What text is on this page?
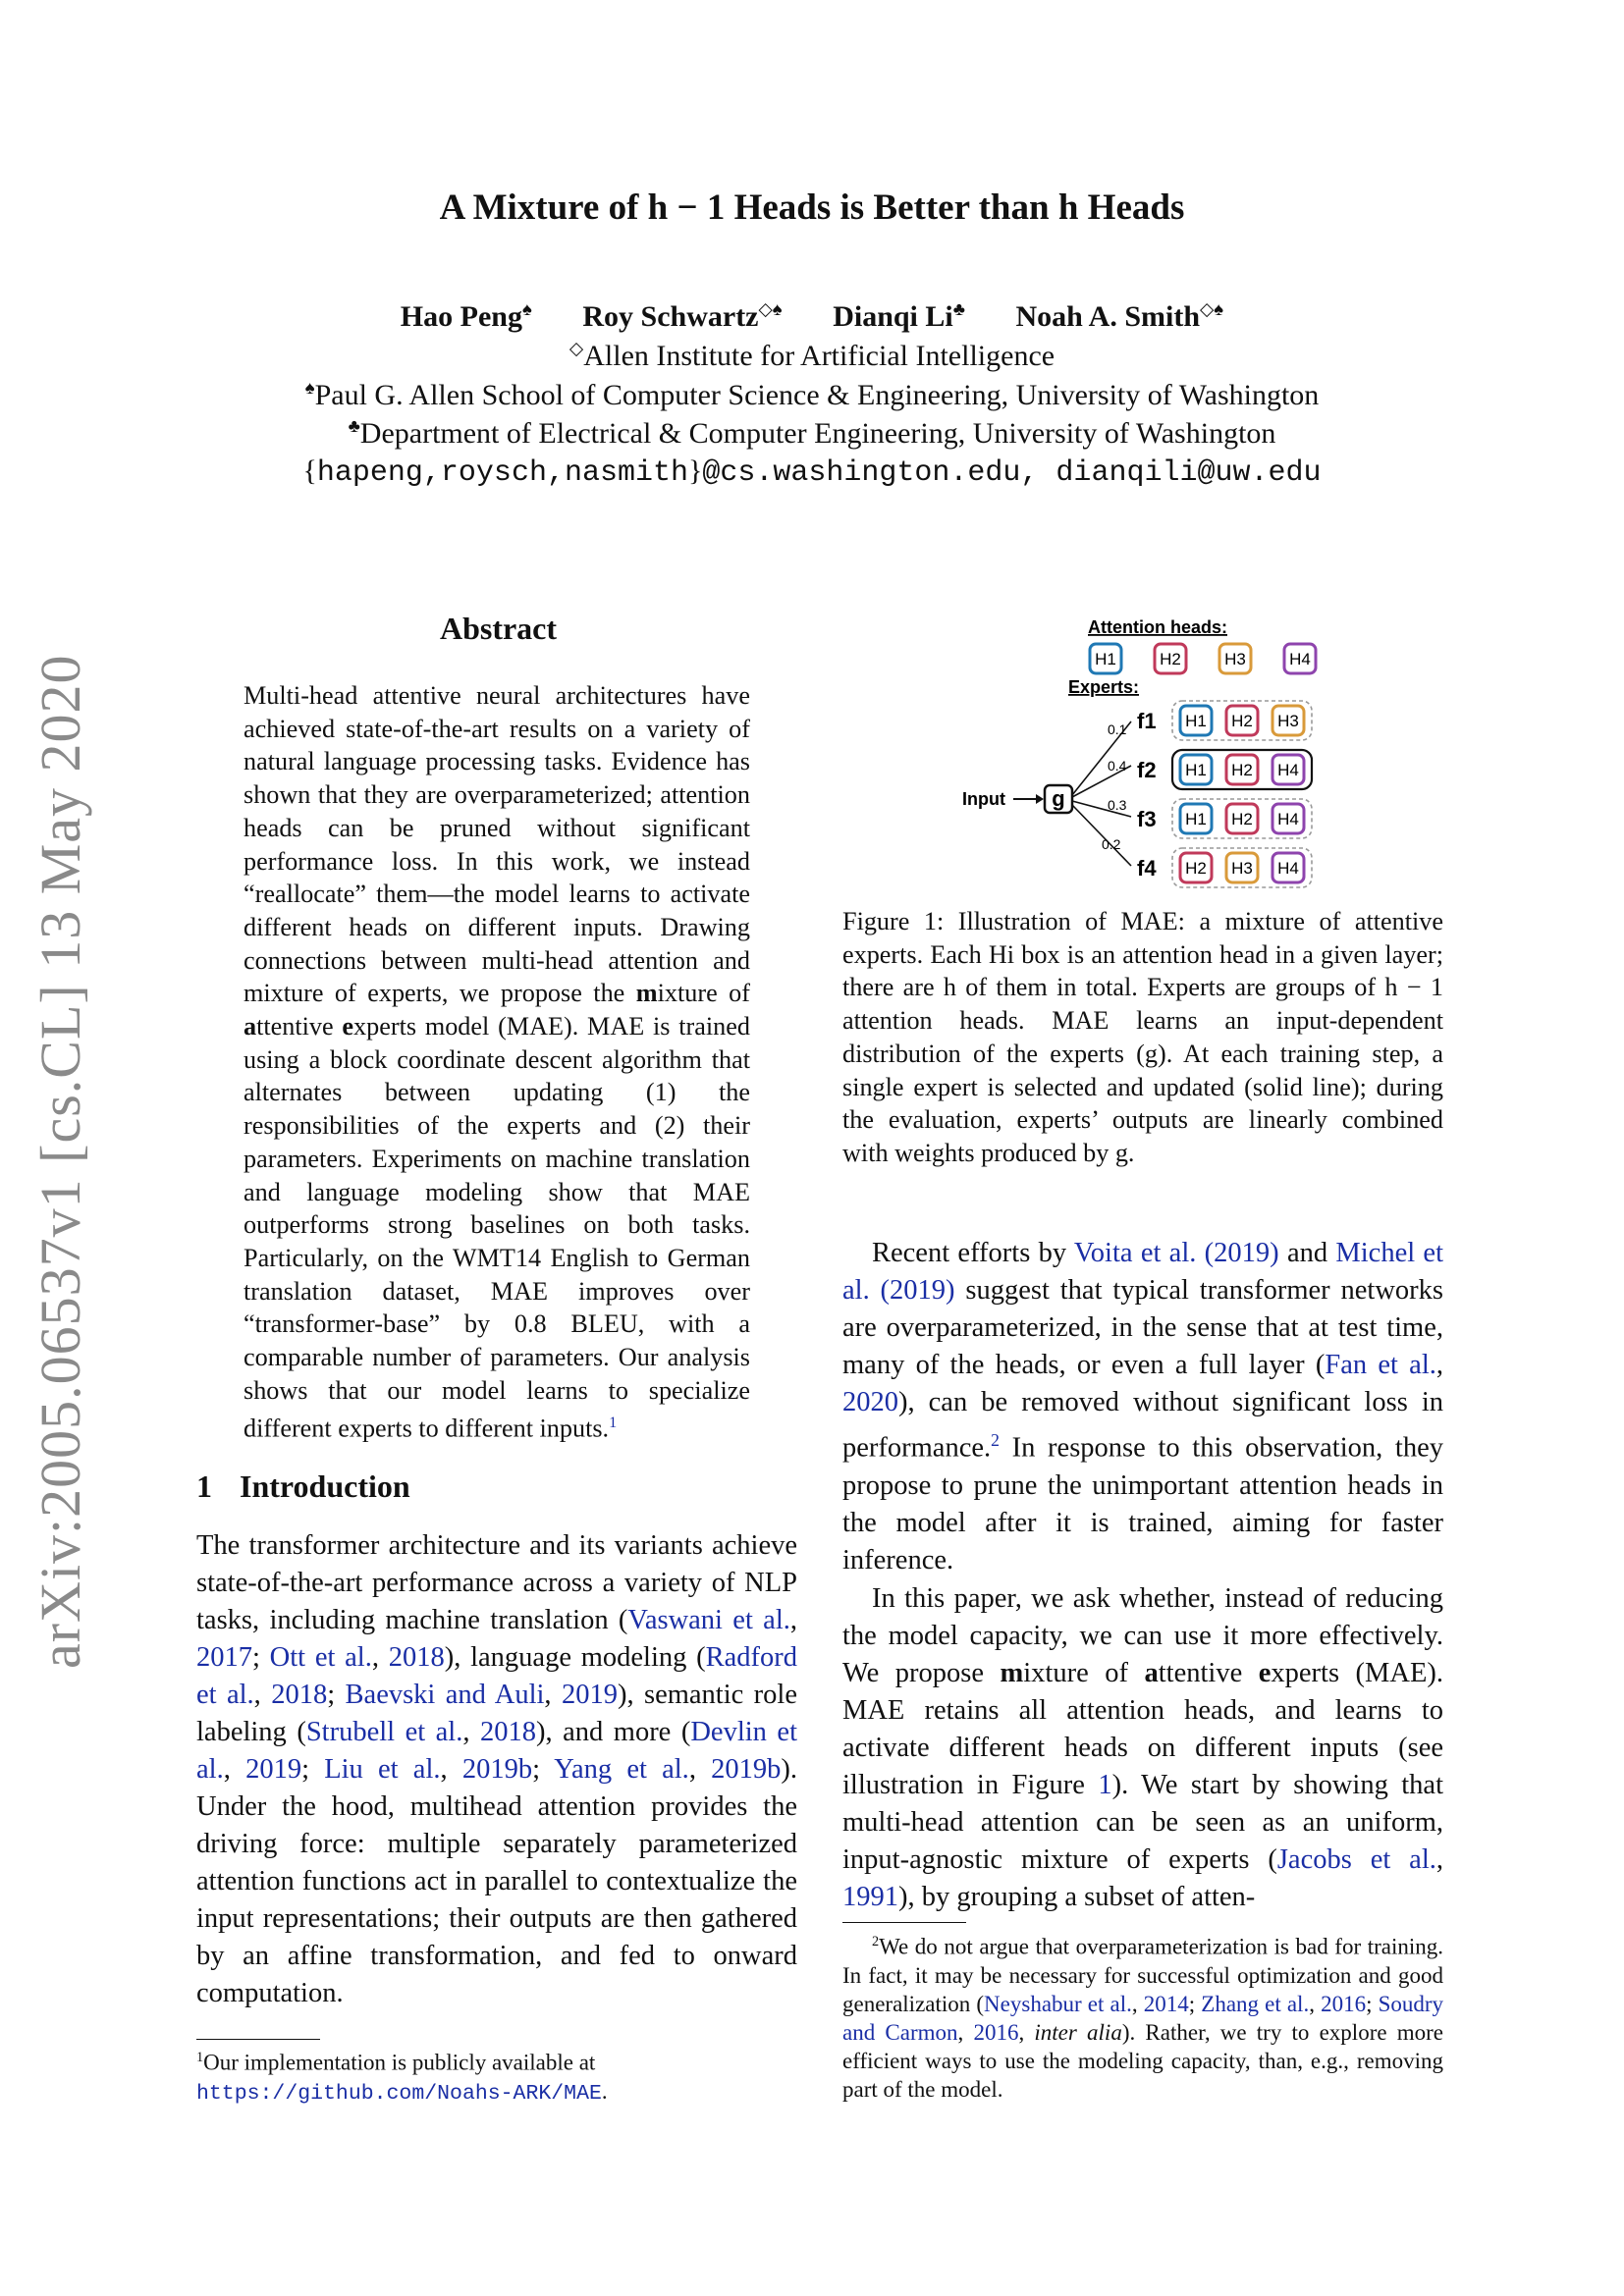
A Mixture of h − 1 Heads is Better than h Heads
Hao Peng♠ Roy Schwartz◇♠ Dianqi Li♣ Noah A. Smith◇♠
◇Allen Institute for Artificial Intelligence
♠Paul G. Allen School of Computer Science & Engineering, University of Washington
♣Department of Electrical & Computer Engineering, University of Washington
{hapeng,roysch,nasmith}@cs.washington.edu, dianqili@uw.edu
arXiv:2005.06537v1 [cs.CL] 13 May 2020
Abstract
Multi-head attentive neural architectures have achieved state-of-the-art results on a variety of natural language processing tasks. Evidence has shown that they are overparameterized; attention heads can be pruned without significant performance loss. In this work, we instead “reallocate” them—the model learns to activate different heads on different inputs. Drawing connections between multi-head attention and mixture of experts, we propose the mixture of attentive experts model (MAE). MAE is trained using a block coordinate descent algorithm that alternates between updating (1) the responsibilities of the experts and (2) their parameters. Experiments on machine translation and language modeling show that MAE outperforms strong baselines on both tasks. Particularly, on the WMT14 English to German translation dataset, MAE improves over “transformer-base” by 0.8 BLEU, with a comparable number of parameters. Our analysis shows that our model learns to specialize different experts to different inputs.$^1$
1 Introduction
The transformer architecture and its variants achieve state-of-the-art performance across a variety of NLP tasks, including machine translation (Vaswani et al., 2017; Ott et al., 2018), language modeling (Radford et al., 2018; Baevski and Auli, 2019), semantic role labeling (Strubell et al., 2018), and more (Devlin et al., 2019; Liu et al., 2019b; Yang et al., 2019b). Under the hood, multihead attention provides the driving force: multiple separately parameterized attention functions act in parallel to contextualize the input representations; their outputs are then gathered by an affine transformation, and fed to onward computation.
$^1$Our implementation is publicly available at https://github.com/Noahs-ARK/MAE.
Attention heads:
H1	H2	H3	H4
Experts:
Input g
0.1
0.4
0.3
0.2
f1
f2
f3
f4
H1 H2 H3
H1 H2 H4
H1 H2 H4
H2 H3 H4
Figure 1: Illustration of MAE: a mixture of attentive experts. Each Hi box is an attention head in a given layer; there are h of them in total. Experts are groups of h − 1 attention heads. MAE learns an input-dependent distribution of the experts (g). At each training step, a single expert is selected and updated (solid line); during the evaluation, experts’ outputs are linearly combined with weights produced by g.

Recent efforts by Voita et al. (2019) and Michel et al. (2019) suggest that typical transformer networks are overparameterized, in the sense that at test time, many of the heads, or even a full layer (Fan et al., 2020), can be removed without significant loss in performance.$^2$ In response to this observation, they propose to prune the unimportant attention heads in the model after it is trained, aiming for faster inference.

In this paper, we ask whether, instead of reducing the model capacity, we can use it more effectively. We propose mixture of attentive experts (MAE). MAE retains all attention heads, and learns to activate different heads on different inputs (see illustration in Figure 1). We start by showing that multi-head attention can be seen as an uniform, input-agnostic mixture of experts (Jacobs et al., 1991), by grouping a subset of atten-

$^2$We do not argue that overparameterization is bad for training. In fact, it may be necessary for successful optimization and good generalization (Neyshabur et al., 2014; Zhang et al., 2016; Soudry and Carmon, 2016, inter alia). Rather, we try to explore more efficient ways to use the modeling capacity, than, e.g., removing part of the model.
